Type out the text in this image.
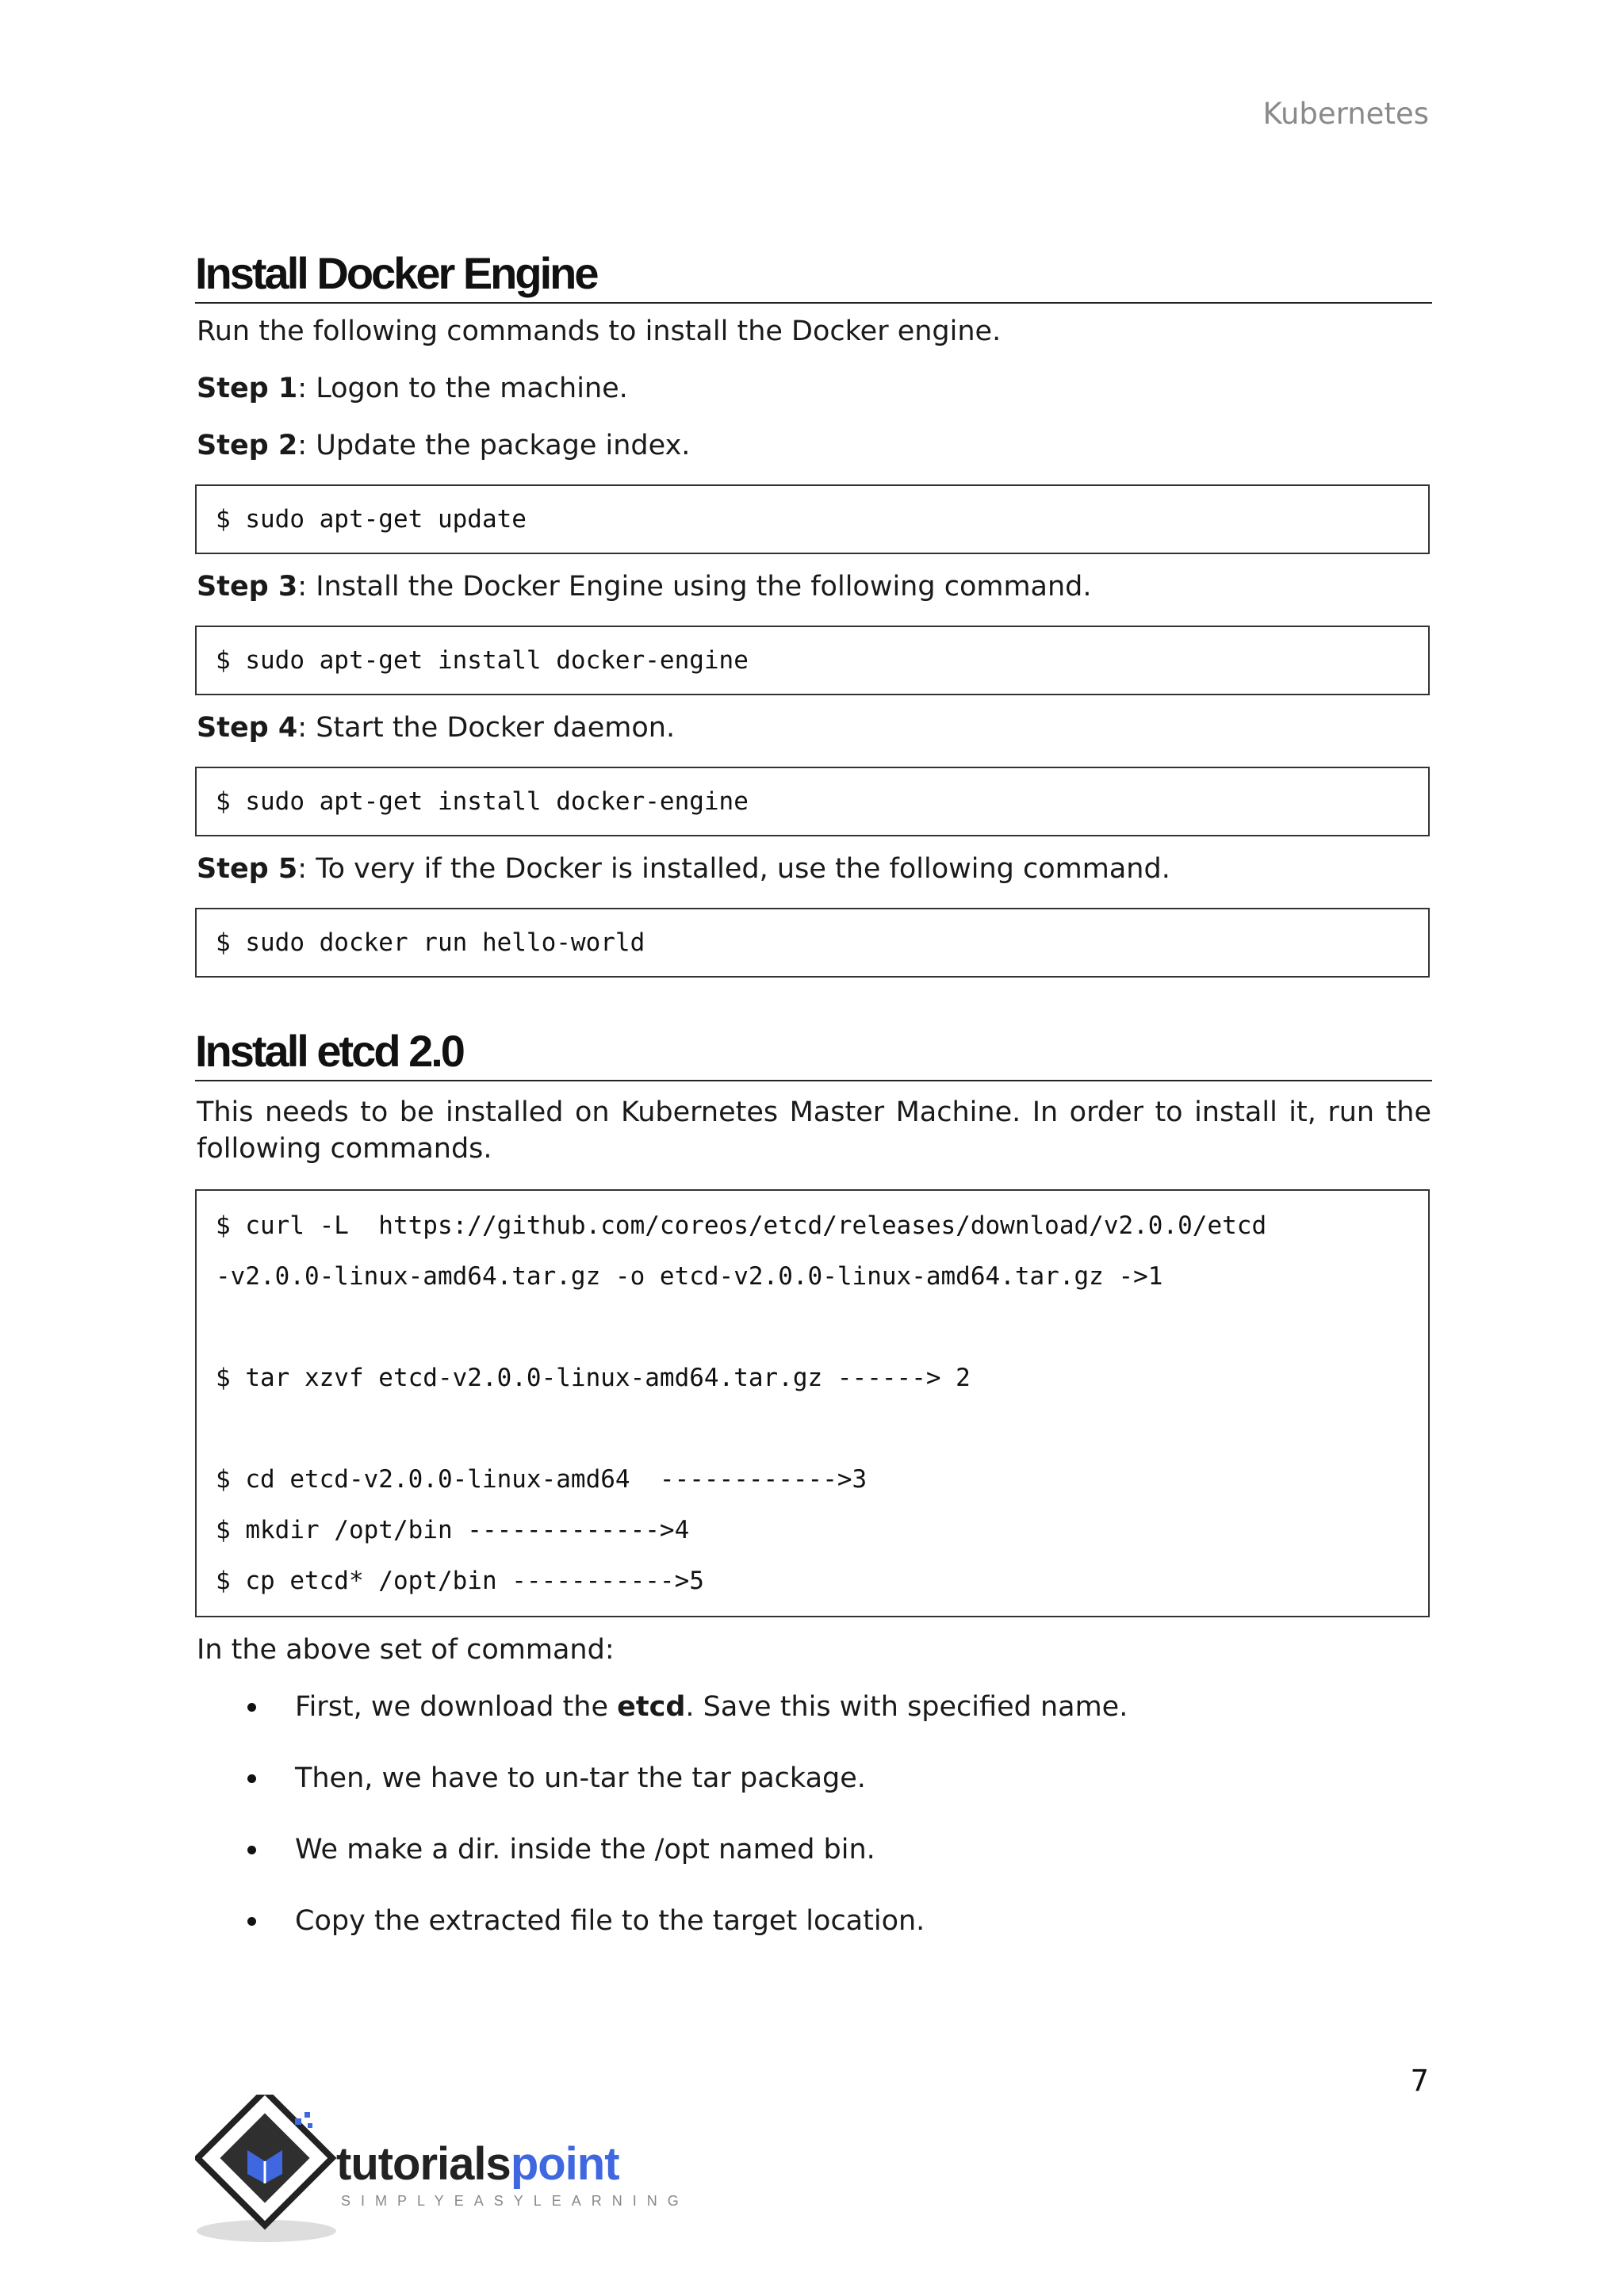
Kubernetes
Install Docker Engine

Run the following commands to install the Docker engine.

Step 1: Logon to the machine.

Step 2: Update the package index.

$ sudo apt-get update

Step 3: Install the Docker Engine using the following command.

$ sudo apt-get install docker-engine

Step 4: Start the Docker daemon.

$ sudo apt-get install docker-engine

Step 5: To very if the Docker is installed, use the following command.

$ sudo docker run hello-world
Install etcd 2.0

This needs to be installed on Kubernetes Master Machine. In order to install it, run the following commands.

$ curl -L  https://github.com/coreos/etcd/releases/download/v2.0.0/etcd
-v2.0.0-linux-amd64.tar.gz -o etcd-v2.0.0-linux-amd64.tar.gz ->1
$ tar xzvf etcd-v2.0.0-linux-amd64.tar.gz ------> 2
$ cd etcd-v2.0.0-linux-amd64  ------------>3
$ mkdir /opt/bin ------------->4
$ cp etcd* /opt/bin ----------->5

In the above set of command:

First, we download the etcd. Save this with specified name.
Then, we have to un-tar the tar package.
We make a dir. inside the /opt named bin.
Copy the extracted file to the target location.
7
tutorialspoint
SIMPLYEASYLEARNING
